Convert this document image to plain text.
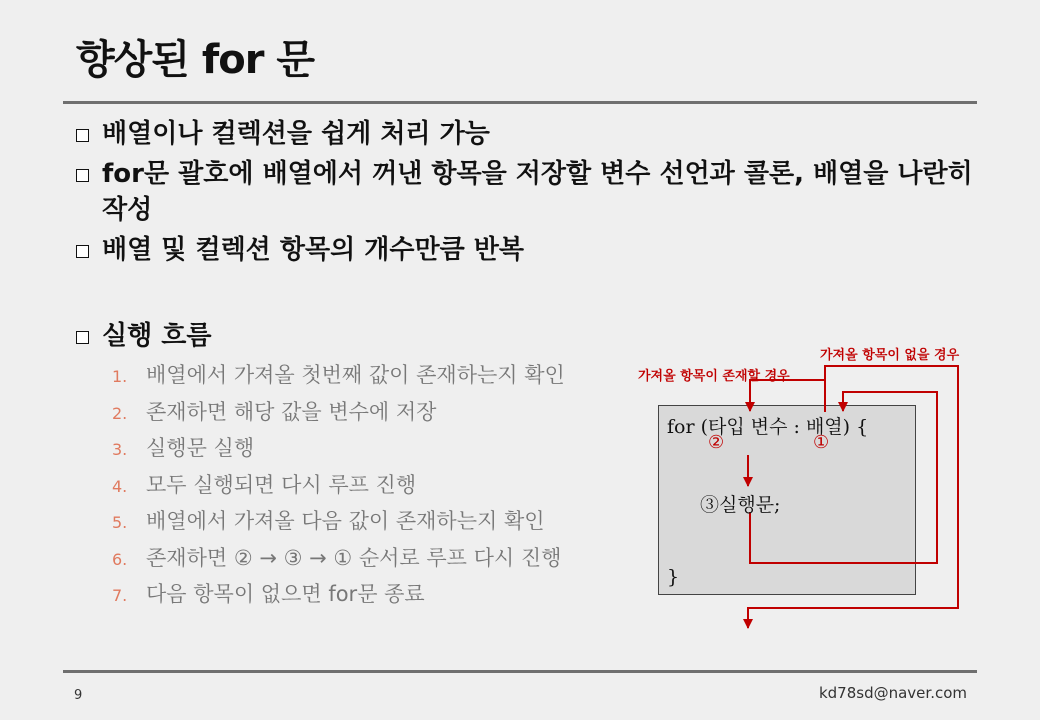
향상된 for 문
배열이나 컬렉션을 쉽게 처리 가능
for문 괄호에 배열에서 꺼낸 항목을 저장할 변수 선언과 콜론, 배열을 나란히 작성
배열 및 컬렉션 항목의 개수만큼 반복
실행 흐름
1. 배열에서 가져올 첫번째 값이 존재하는지 확인
2. 존재하면 해당 값을 변수에 저장
3. 실행문 실행
4. 모두 실행되면 다시 루프 진행
5. 배열에서 가져올 다음 값이 존재하는지 확인
6. 존재하면 ② → ③ → ① 순서로 루프 다시 진행
7. 다음 항목이 없으면 for문 종료
for (타입 변수 : 배열) {
②	①
③실행문;
}
가져올 항목이 존재할 경우
가져올 항목이 없을 경우
9	kd78sd@naver.com
